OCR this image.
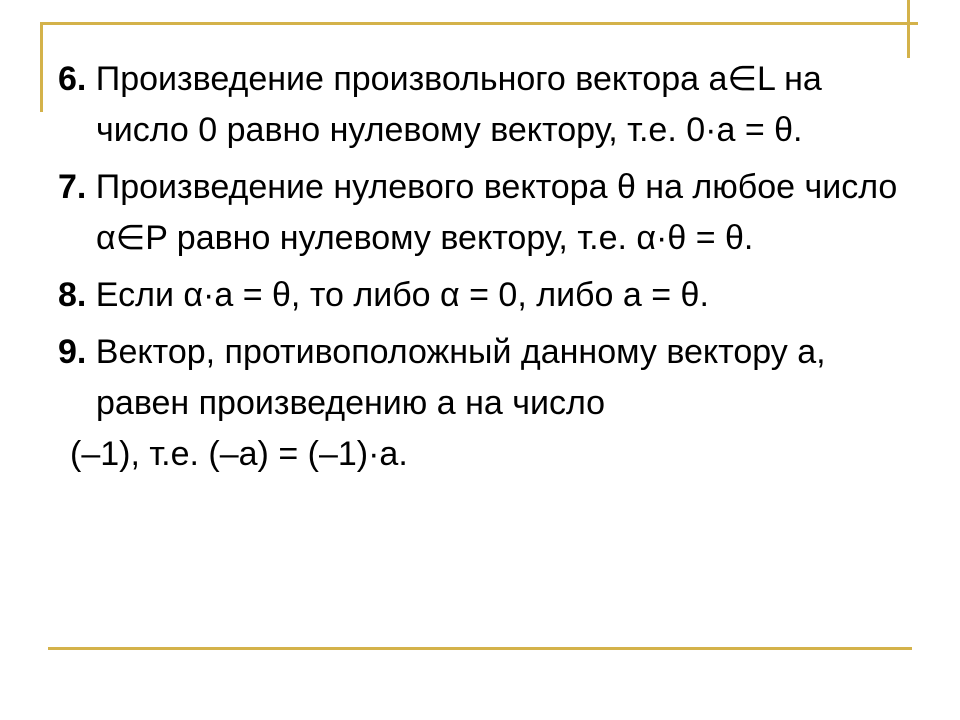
6. Произведение произвольного вектора а∈L на число 0 равно нулевому вектору, т.е. 0·а = θ.
7. Произведение нулевого вектора θ на любое число α∈P равно нулевому вектору, т.е. α·θ = θ.
8. Если α·а = θ, то либо α = 0, либо а = θ.
9. Вектор, противоположный данному вектору а, равен произведению а на число
(–1), т.е. (–а) = (–1)·а.
